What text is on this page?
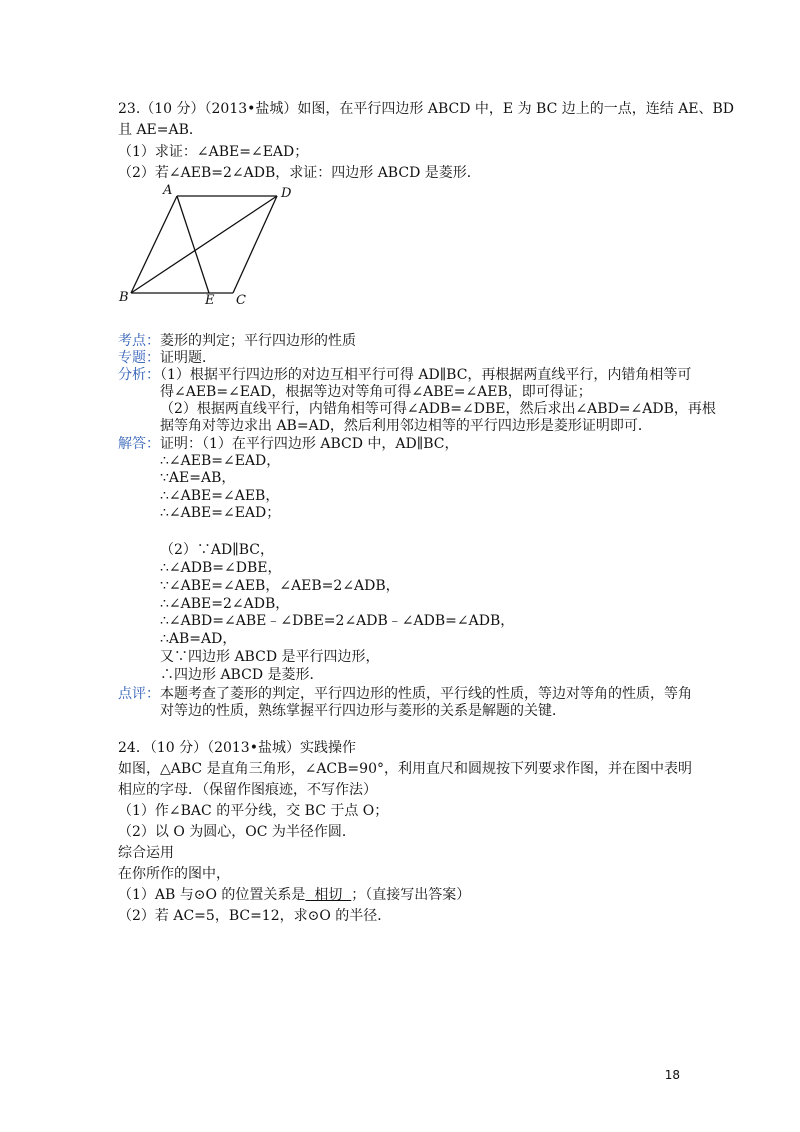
23.（10 分）（2013•盐城）如图，在平行四边形 ABCD 中，E 为 BC 边上的一点，连结 AE、BD
且 AE=AB．
（1）求证：∠ABE=∠EAD；
（2）若∠AEB=2∠ADB，求证：四边形 ABCD 是菱形．
A	D
B	E C
考点：菱形的判定；平行四边形的性质
专题：证明题．
分析：（1）根据平行四边形的对边互相平行可得 AD∥BC，再根据两直线平行，内错角相等可
得∠AEB=∠EAD，根据等边对等角可得∠ABE=∠AEB，即可得证；
（2）根据两直线平行，内错角相等可得∠ADB=∠DBE，然后求出∠ABD=∠ADB，再根
据等角对等边求出 AB=AD，然后利用邻边相等的平行四边形是菱形证明即可．
解答：证明：（1）在平行四边形 ABCD 中，AD∥BC，
∴∠AEB=∠EAD，
∵AE=AB，
∴∠ABE=∠AEB，
∴∠ABE=∠EAD；
（2）∵AD∥BC，
∴∠ADB=∠DBE，
∵∠ABE=∠AEB，∠AEB=2∠ADB，
∴∠ABE=2∠ADB，
∴∠ABD=∠ABE﹣∠DBE=2∠ADB﹣∠ADB=∠ADB，
∴AB=AD，
又∵四边形 ABCD 是平行四边形，
∴四边形 ABCD 是菱形．
点评：本题考查了菱形的判定，平行四边形的性质，平行线的性质，等边对等角的性质，等角
对等边的性质，熟练掌握平行四边形与菱形的关系是解题的关键．
24．（10 分）（2013•盐城）实践操作
如图，△ABC 是直角三角形，∠ACB=90°，利用直尺和圆规按下列要求作图，并在图中表明
相应的字母．（保留作图痕迹，不写作法）
（1）作∠BAC 的平分线，交 BC 于点 O；
（2）以 O 为圆心，OC 为半径作圆．
综合运用
在你所作的图中，
（1）AB 与⊙O 的位置关系是  相切  ；（直接写出答案）
（2）若 AC=5，BC=12，求⊙O 的半径．
18
